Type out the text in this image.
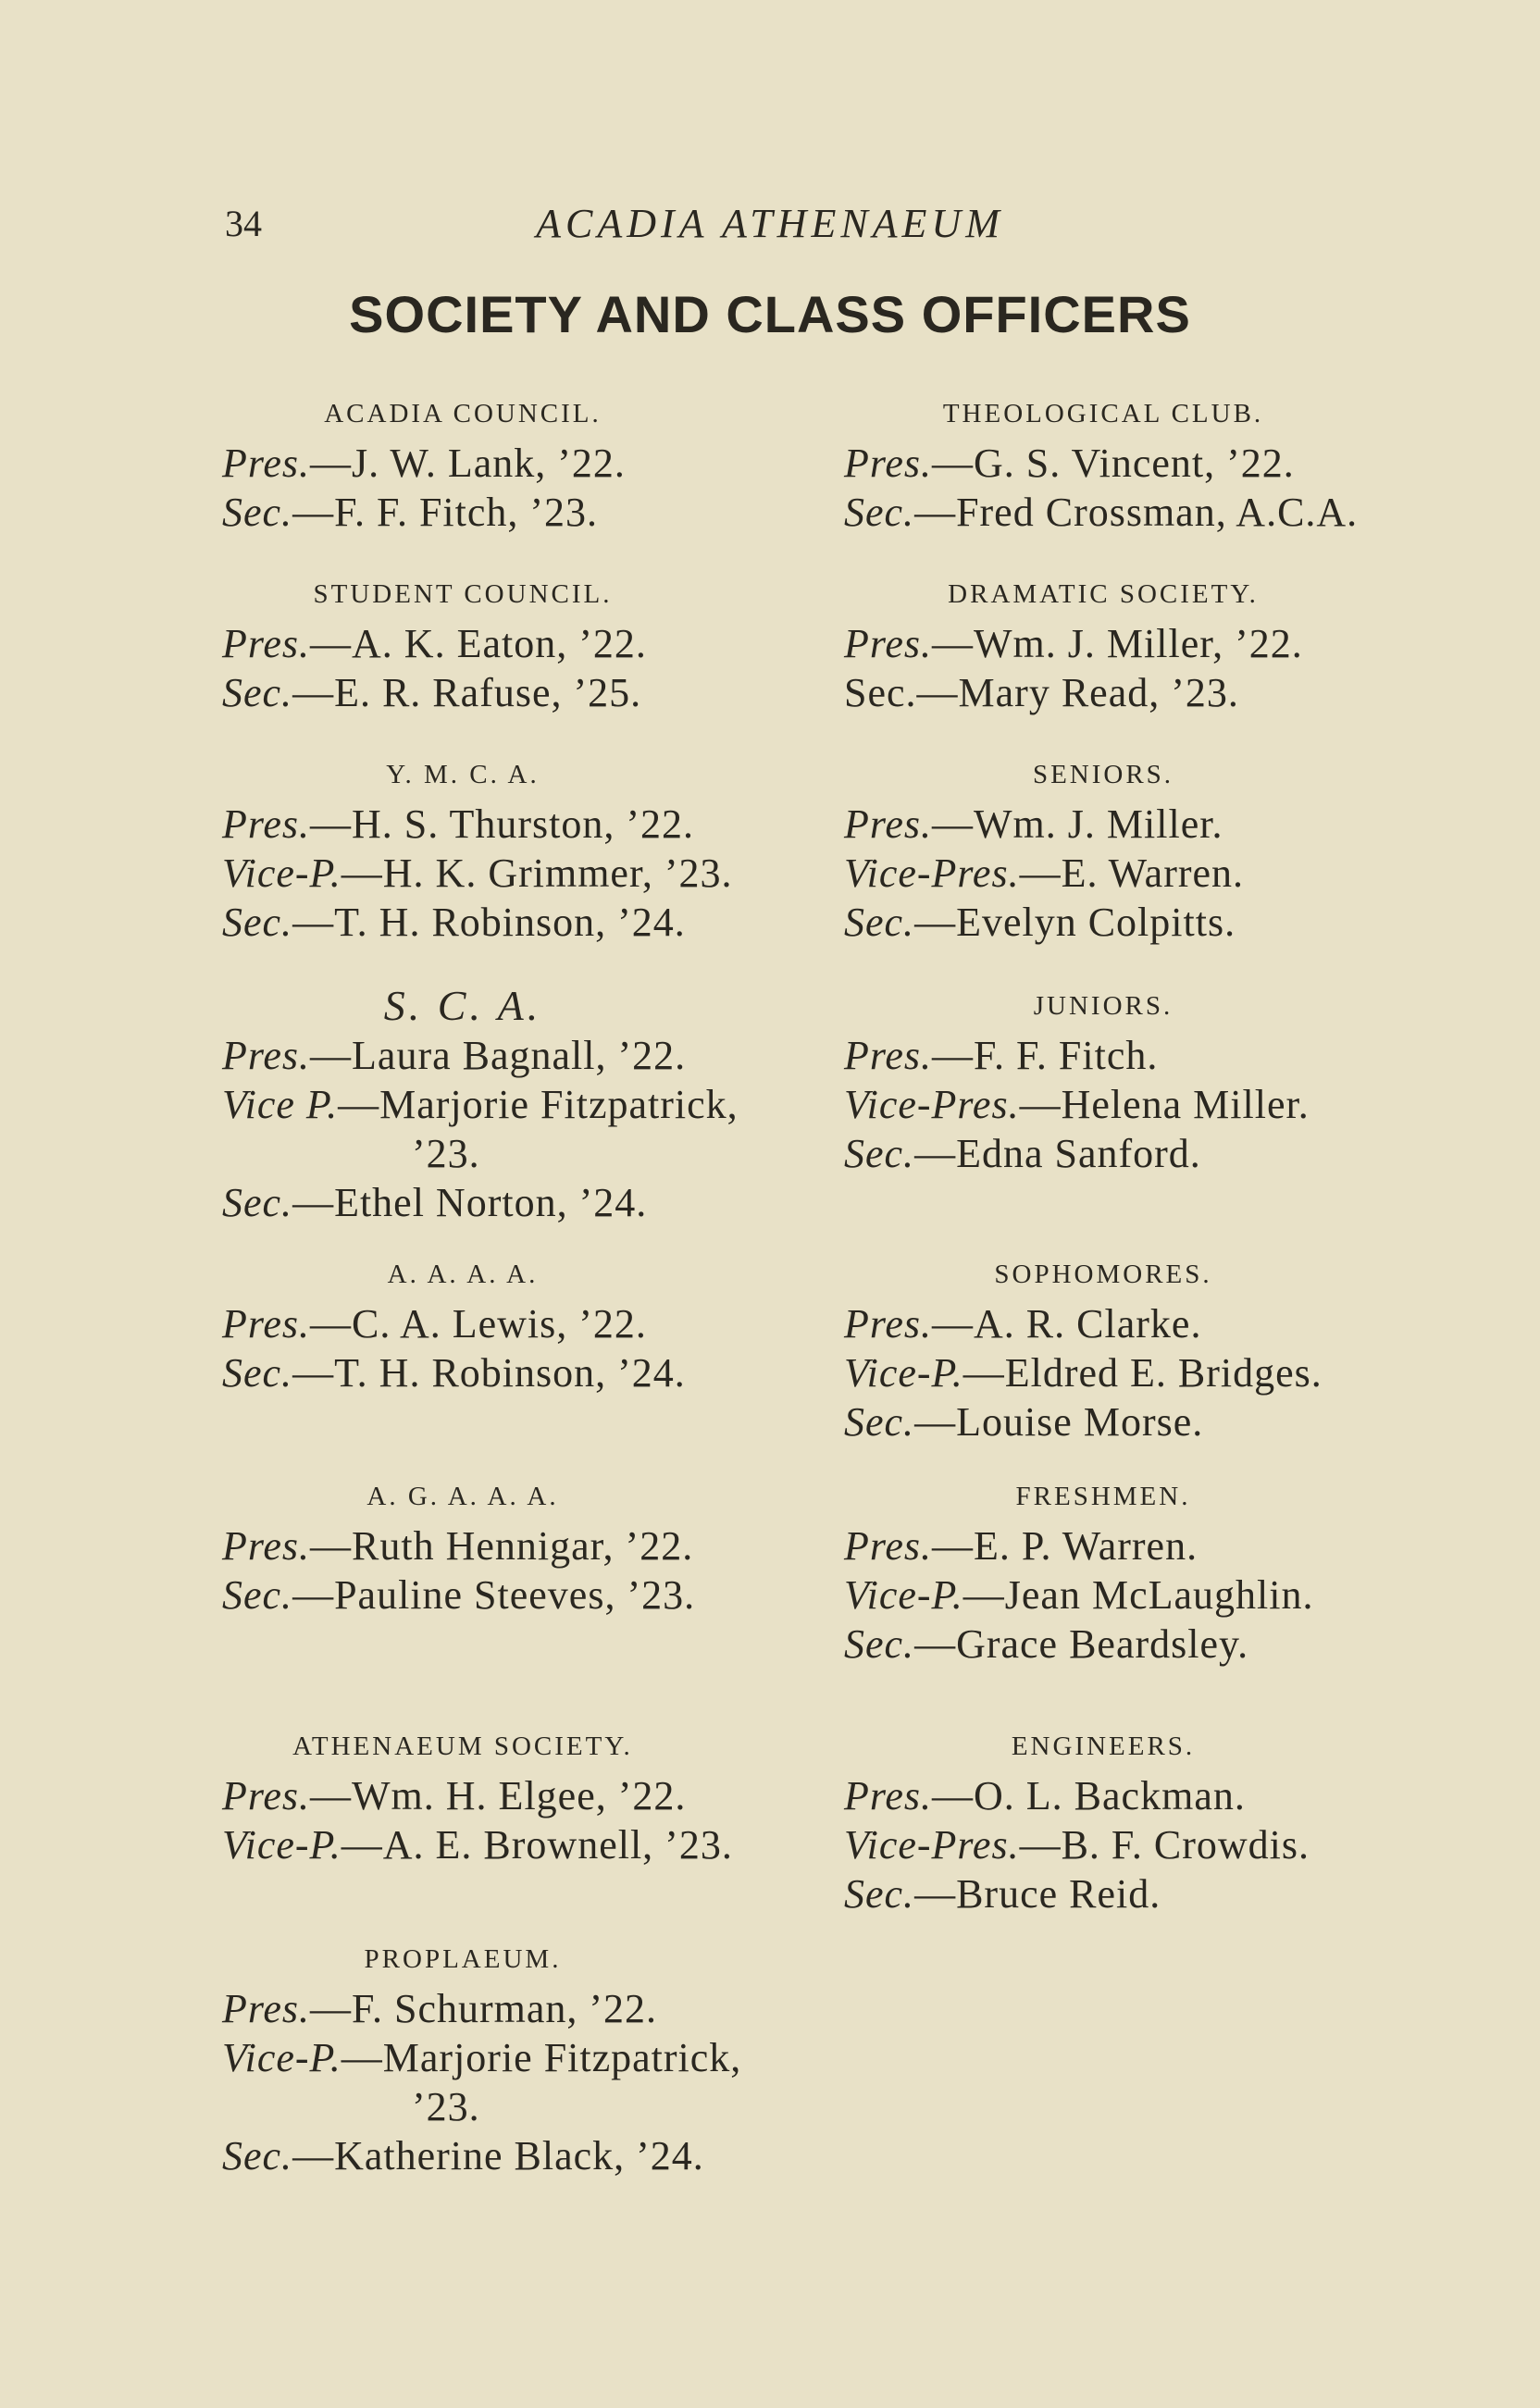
ACADIA ATHENAEUM
34
SOCIETY AND CLASS OFFICERS
ACADIA COUNCIL.
Pres.—J. W. Lank, ’22.
Sec.—F. F. Fitch, ’23.
STUDENT COUNCIL.
Pres.—A. K. Eaton, ’22.
Sec.—E. R. Rafuse, ’25.
Y. M. C. A.
Pres.—H. S. Thurston, ’22.
Vice-P.—H. K. Grimmer, ’23.
Sec.—T. H. Robinson, ’24.
S. C. A.
Pres.—Laura Bagnall, ’22.
Vice P.—Marjorie Fitzpatrick,
’23.
Sec.—Ethel Norton, ’24.
A. A. A. A.
Pres.—C. A. Lewis, ’22.
Sec.—T. H. Robinson, ’24.
A. G. A. A. A.
Pres.—Ruth Hennigar, ’22.
Sec.—Pauline Steeves, ’23.
ATHENAEUM SOCIETY.
Pres.—Wm. H. Elgee, ’22.
Vice-P.—A. E. Brownell, ’23.
PROPLAEUM.
Pres.—F. Schurman, ’22.
Vice-P.—Marjorie Fitzpatrick,
’23.
Sec.—Katherine Black, ’24.
THEOLOGICAL CLUB.
Pres.—G. S. Vincent, ’22.
Sec.—Fred Crossman, A.C.A.
DRAMATIC SOCIETY.
Pres.—Wm. J. Miller, ’22.
Sec.—Mary Read, ’23.
SENIORS.
Pres.—Wm. J. Miller.
Vice-Pres.—E. Warren.
Sec.—Evelyn Colpitts.
JUNIORS.
Pres.—F. F. Fitch.
Vice-Pres.—Helena Miller.
Sec.—Edna Sanford.
SOPHOMORES.
Pres.—A. R. Clarke.
Vice-P.—Eldred E. Bridges.
Sec.—Louise Morse.
FRESHMEN.
Pres.—E. P. Warren.
Vice-P.—Jean McLaughlin.
Sec.—Grace Beardsley.
ENGINEERS.
Pres.—O. L. Backman.
Vice-Pres.—B. F. Crowdis.
Sec.—Bruce Reid.
